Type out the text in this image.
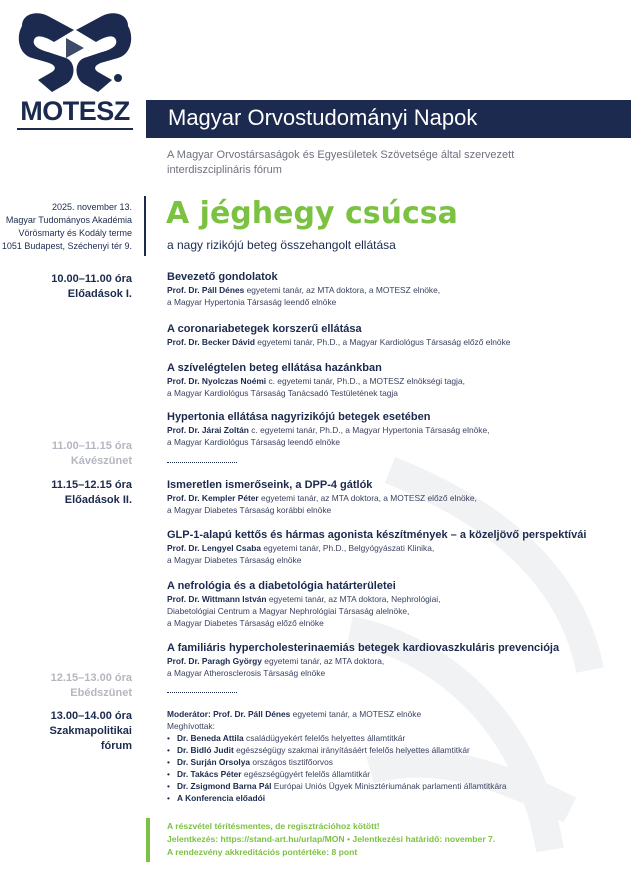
MOTESZ Magyar Orvostudományi Napok
A Magyar Orvostársaságok és Egyesületek Szövetsége által szervezett interdiszciplináris fórum
2025. november 13.
Magyar Tudományos Akadémia
Vörösmarty és Kodály terme
1051 Budapest, Széchenyi tér 9.
A jéghegy csúcsa
a nagy rizikójú beteg összehangolt ellátása
10.00–11.00 óra
Előadások I.
11.00–11.15 óra
Kávészünet
11.15–12.15 óra
Előadások II.
12.15–13.00 óra
Ebédszünet
13.00–14.00 óra
Szakmapolitikai
fórum
Bevezető gondolatok
Prof. Dr. Páll Dénes egyetemi tanár, az MTA doktora, a MOTESZ elnöke,
a Magyar Hypertonia Társaság leendő elnöke
A coronariabetegek korszerű ellátása
Prof. Dr. Becker Dávid egyetemi tanár, Ph.D., a Magyar Kardiológus Társaság előző elnöke
A szívelégtelen beteg ellátása hazánkban
Prof. Dr. Nyolczas Noémi c. egyetemi tanár, Ph.D., a MOTESZ elnökségi tagja,
a Magyar Kardiológus Társaság Tanácsadó Testületének tagja
Hypertonia ellátása nagyrizikójú betegek esetében
Prof. Dr. Járai Zoltán c. egyetemi tanár, Ph.D., a Magyar Hypertonia Társaság elnöke,
a Magyar Kardiológus Társaság leendő elnöke
Ismeretlen ismerőseink, a DPP-4 gátlók
Prof. Dr. Kempler Péter egyetemi tanár, az MTA doktora, a MOTESZ előző elnöke,
a Magyar Diabetes Társaság korábbi elnöke
GLP-1-alapú kettős és hármas agonista készítmények – a közeljövő perspektívái
Prof. Dr. Lengyel Csaba egyetemi tanár, Ph.D., Belgyógyászati Klinika,
a Magyar Diabetes Társaság elnöke
A nefrológia és a diabetológia határterületei
Prof. Dr. Wittmann István egyetemi tanár, az MTA doktora, Nephrológiai,
Diabetológiai Centrum a Magyar Nephrológiai Társaság alelnöke,
a Magyar Diabetes Társaság előző elnöke
A familiáris hypercholesterinaemiás betegek kardiovaszkuláris prevenciója
Prof. Dr. Paragh György egyetemi tanár, az MTA doktora,
a Magyar Atherosclerosis Társaság elnöke
Moderátor: Prof. Dr. Páll Dénes egyetemi tanár, a MOTESZ elnöke
Meghívottak:
• Dr. Beneda Attila családügyekért felelős helyettes államtitkár
• Dr. Bidló Judit egészségügy szakmai irányításáért felelős helyettes államtitkár
• Dr. Surján Orsolya országos tisztifőorvos
• Dr. Takács Péter egészségügyért felelős államtitkár
• Dr. Zsigmond Barna Pál Európai Uniós Ügyek Minisztériumának parlamenti államtitkára
• A Konferencia előadói
A részvétel térítésmentes, de regisztrációhoz kötött!
Jelentkezés: https://stand-art.hu/urlap/MON • Jelentkezési határidő: november 7.
A rendezvény akkreditációs pontértéke: 8 pont
